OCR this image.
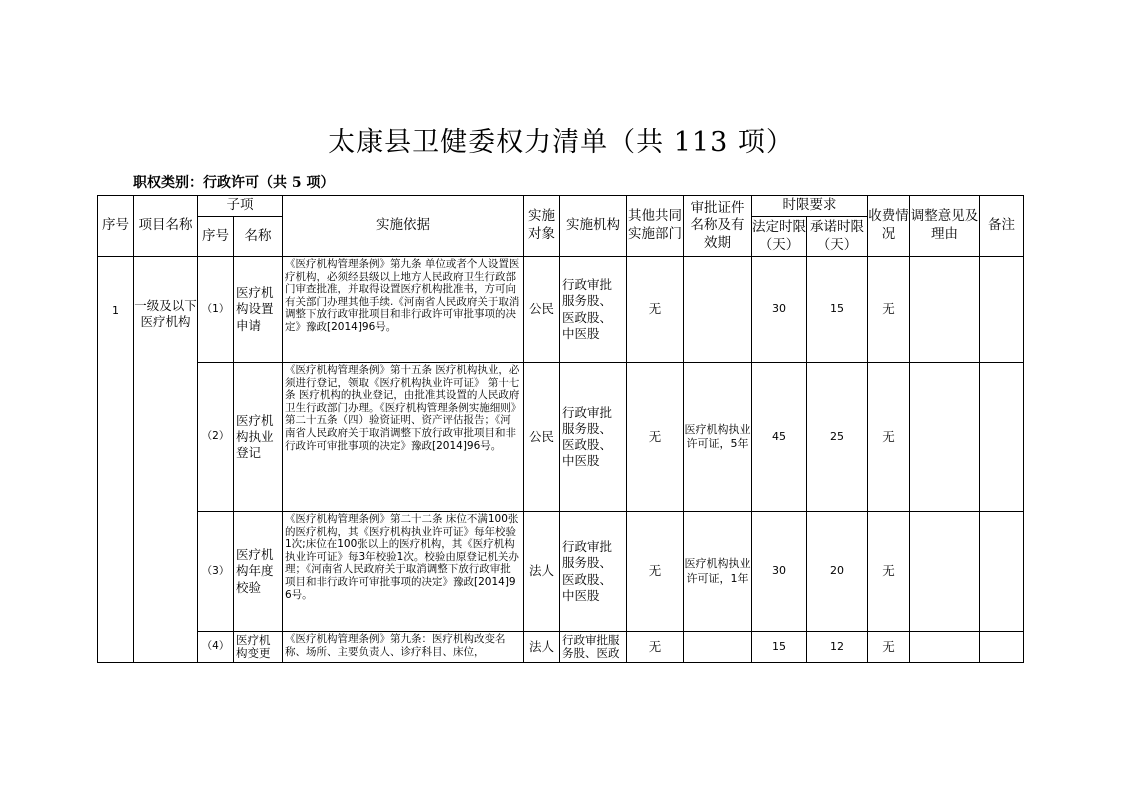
太康县卫健委权力清单（共 113 项）
职权类别：行政许可（共 5 项）
序号	项目名称	子项		实施依据	实施对象	实施机构	其他共同实施部门	审批证件名称及有效期	时限要求		收费情况	调整意见及理由	备注
		序号	名称						法定时限（天）	承诺时限（天）			

1	一级及以下医疗机构	（1）	医疗机构设置申请	《医疗机构管理条例》第九条 单位或者个人设置医疗机构，必须经县级以上地方人民政府卫生行政部门审查批准，并取得设置医疗机构批准书，方可向有关部门办理其他手续.《河南省人民政府关于取消调整下放行政审批项目和非行政许可审批事项的决定》豫政[2014]96号。	公民	行政审批服务股、医政股、中医股	无		30	15	无		
		（2）	医疗机构执业登记	《医疗机构管理条例》第十五条 医疗机构执业，必须进行登记，领取《医疗机构执业许可证》 第十七条 医疗机构的执业登记，由批准其设置的人民政府卫生行政部门办理。《医疗机构管理条例实施细则》第二十五条（四）验资证明、资产评估报告；《河南省人民政府关于取消调整下放行政审批项目和非行政许可审批事项的决定》豫政[2014]96号。	公民	行政审批服务股、医政股、中医股	无	医疗机构执业许可证，5年	45	25	无		
		（3）	医疗机构年度校验	《医疗机构管理条例》第二十二条 床位不满100张的医疗机构，其《医疗机构执业许可证》每年校验1次;床位在100张以上的医疗机构，其《医疗机构执业许可证》每3年校验1次。校验由原登记机关办理；《河南省人民政府关于取消调整下放行政审批项目和非行政许可审批事项的决定》豫政[2014]96号。	法人	行政审批服务股、医政股、中医股	无	医疗机构执业许可证，1年	30	20	无		
		（4）	医疗机构变更	《医疗机构管理条例》第九条：医疗机构改变名称、场所、主要负责人、诊疗科目、床位，	法人	行政审批服务股、医政	无		15	12	无		
